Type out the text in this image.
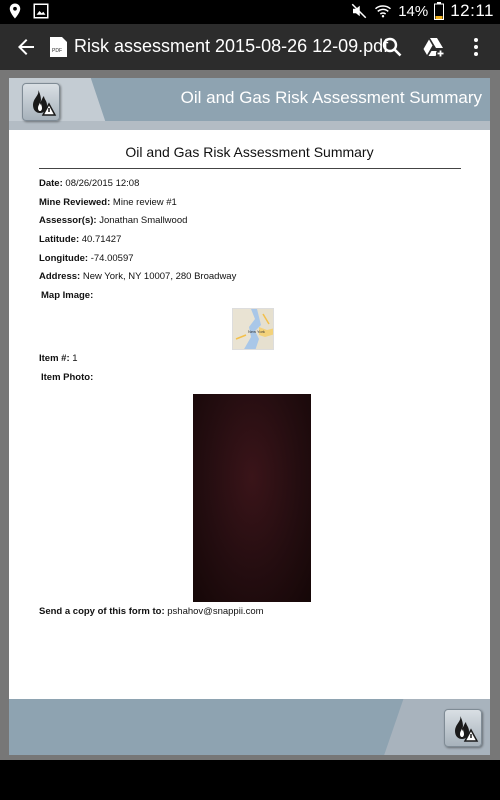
14% 12:11
PDF Risk assessment 2015-08-26 12-09.pdf
Oil and Gas Risk Assessment Summary
Oil and Gas Risk Assessment Summary
Date: 08/26/2015 12:08
Mine Reviewed: Mine review #1
Assessor(s): Jonathan Smallwood
Latitude: 40.71427
Longitude: -74.00597
Address: New York, NY 10007, 280 Broadway
Map Image:
New York
Item #: 1
Item Photo:
Send a copy of this form to: pshahov@snappii.com
